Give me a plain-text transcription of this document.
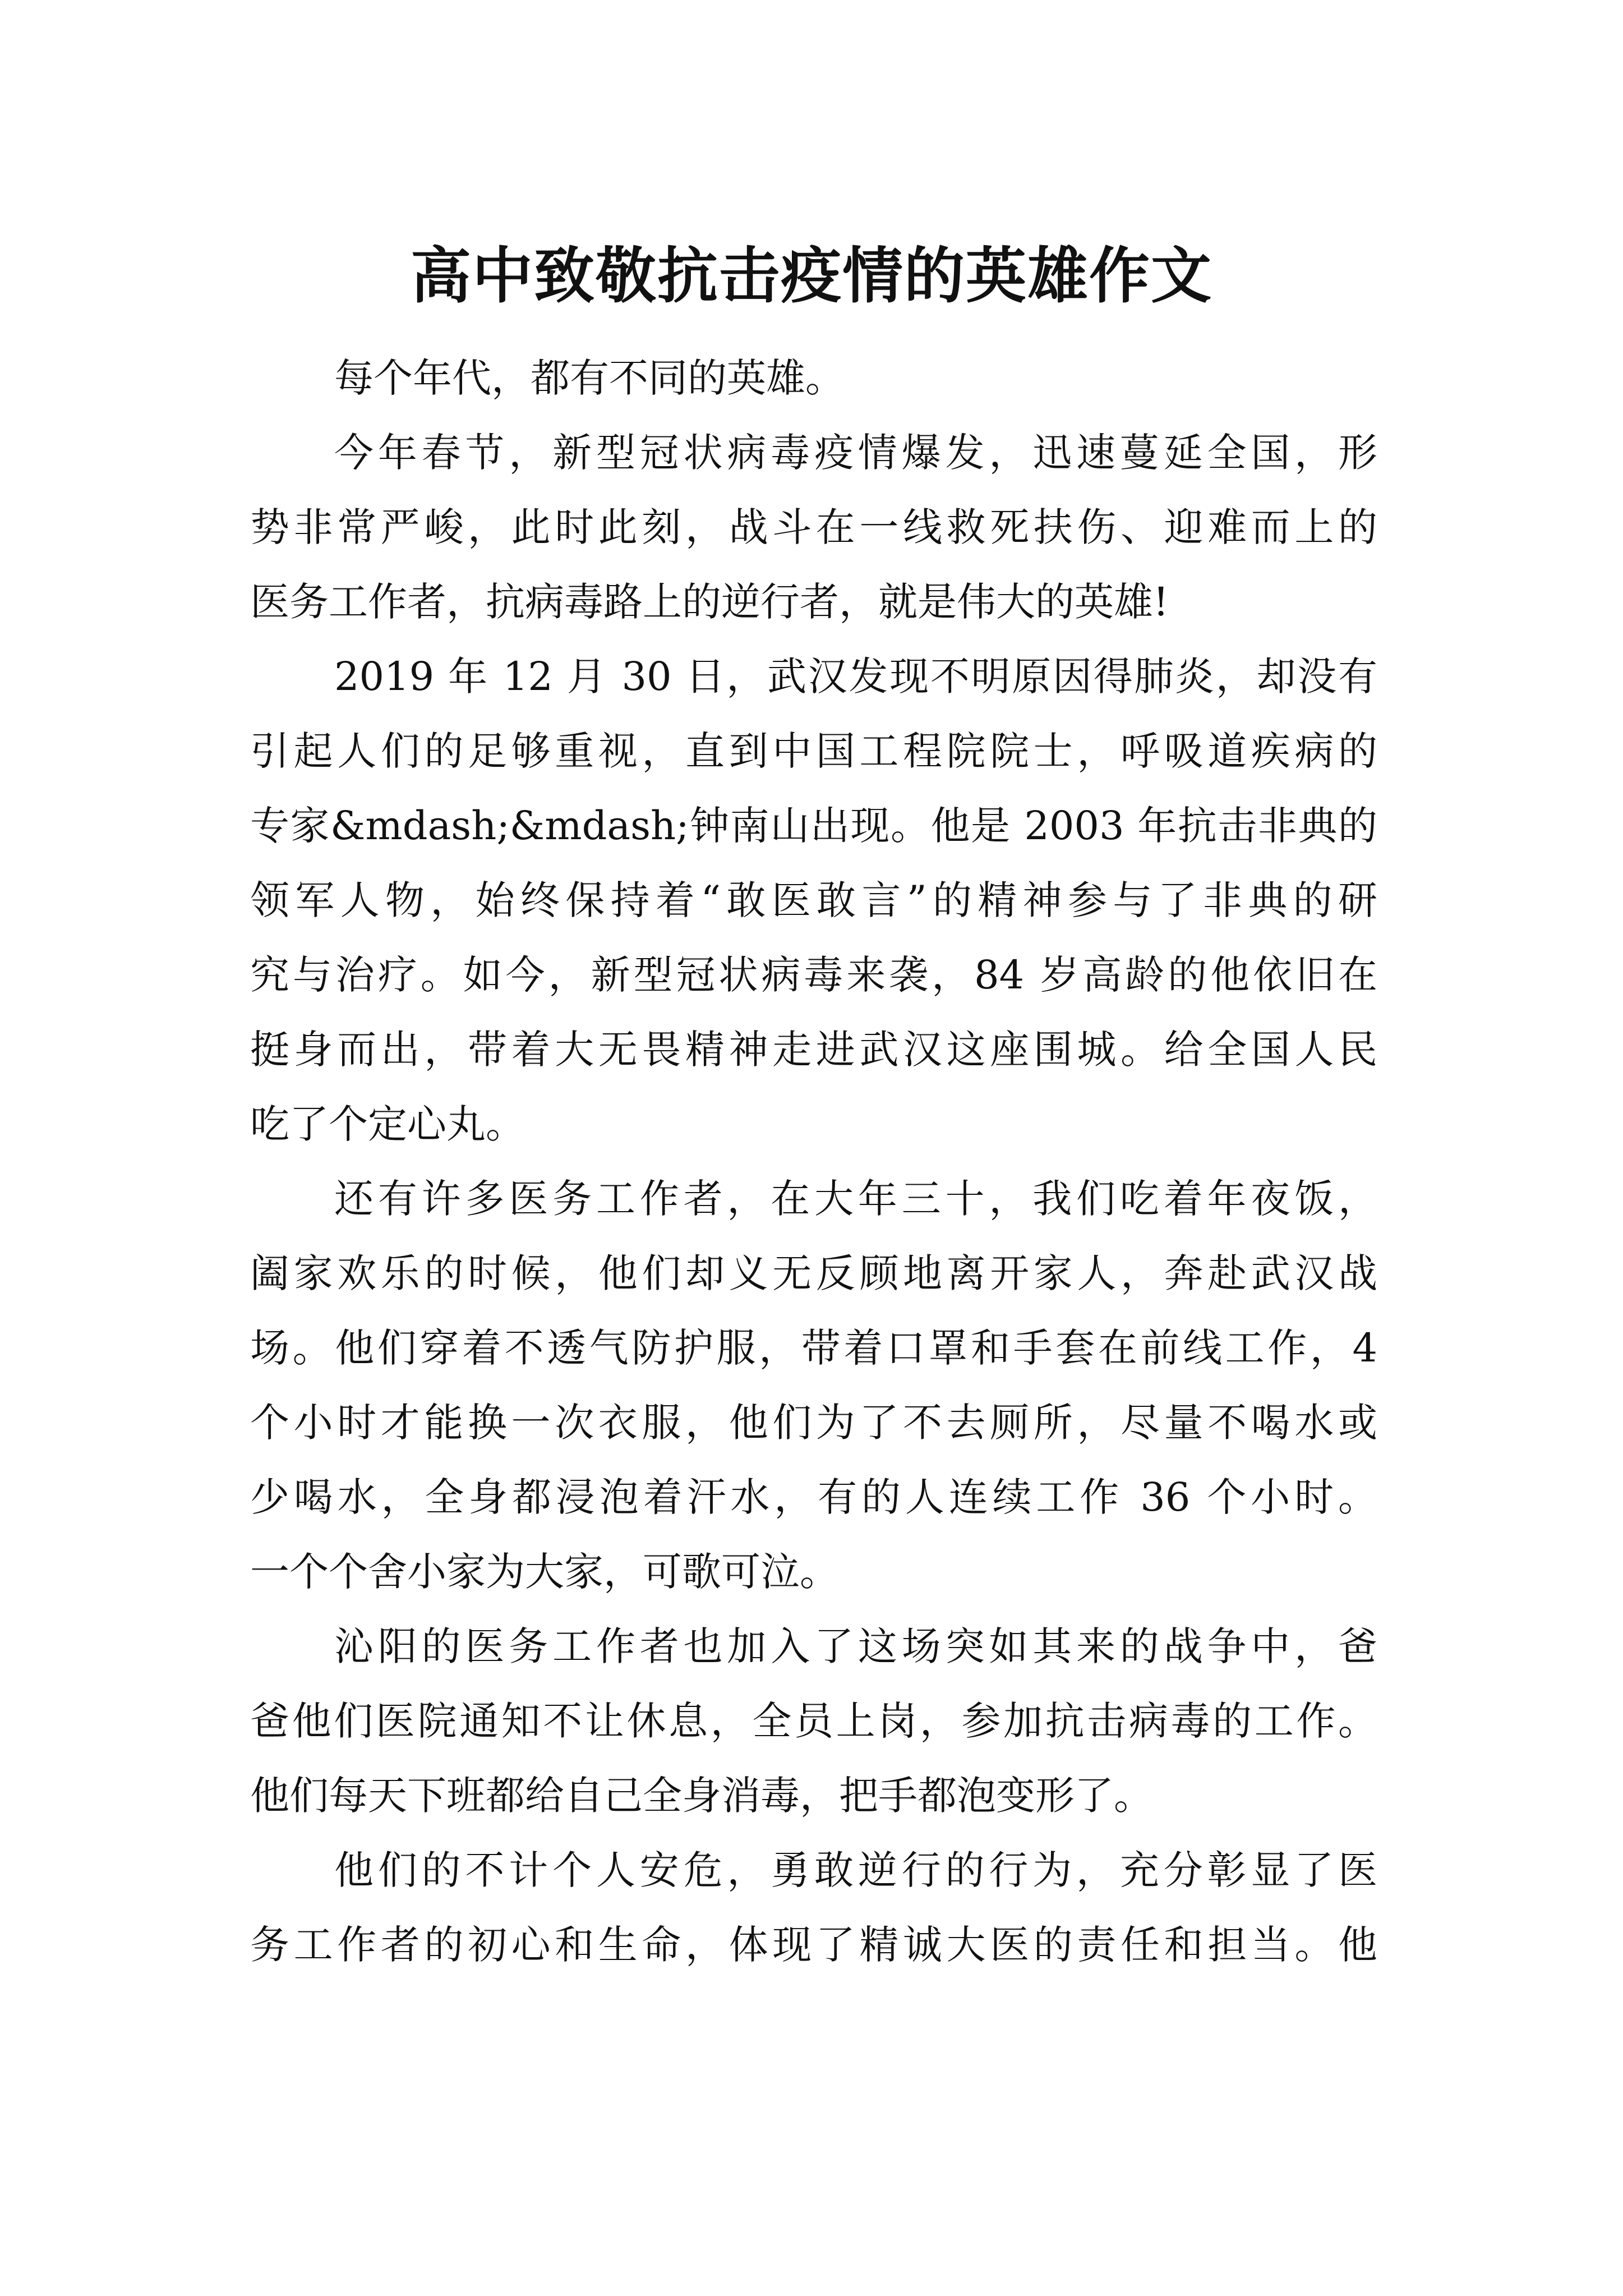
高中致敬抗击疫情的英雄作文

每个年代，都有不同的英雄。

今年春节，新型冠状病毒疫情爆发，迅速蔓延全国，形
势非常严峻，此时此刻，战斗在一线救死扶伤、迎难而上的
医务工作者，抗病毒路上的逆行者，就是伟大的英雄!

2019 年 12 月 30 日，武汉发现不明原因得肺炎，却没有
引起人们的足够重视，直到中国工程院院士，呼吸道疾病的
专家&mdash;&mdash;钟南山出现。他是 2003 年抗击非典的
领军人物，始终保持着“敢医敢言”的精神参与了非典的研
究与治疗。如今，新型冠状病毒来袭，84 岁高龄的他依旧在
挺身而出，带着大无畏精神走进武汉这座围城。给全国人民
吃了个定心丸。

还有许多医务工作者，在大年三十，我们吃着年夜饭，
阖家欢乐的时候，他们却义无反顾地离开家人，奔赴武汉战
场。他们穿着不透气防护服，带着口罩和手套在前线工作，4
个小时才能换一次衣服，他们为了不去厕所，尽量不喝水或
少喝水，全身都浸泡着汗水，有的人连续工作 36 个小时。
一个个舍小家为大家，可歌可泣。

沁阳的医务工作者也加入了这场突如其来的战争中，爸
爸他们医院通知不让休息，全员上岗，参加抗击病毒的工作。
他们每天下班都给自己全身消毒，把手都泡变形了。

他们的不计个人安危，勇敢逆行的行为，充分彰显了医
务工作者的初心和生命，体现了精诚大医的责任和担当。他
